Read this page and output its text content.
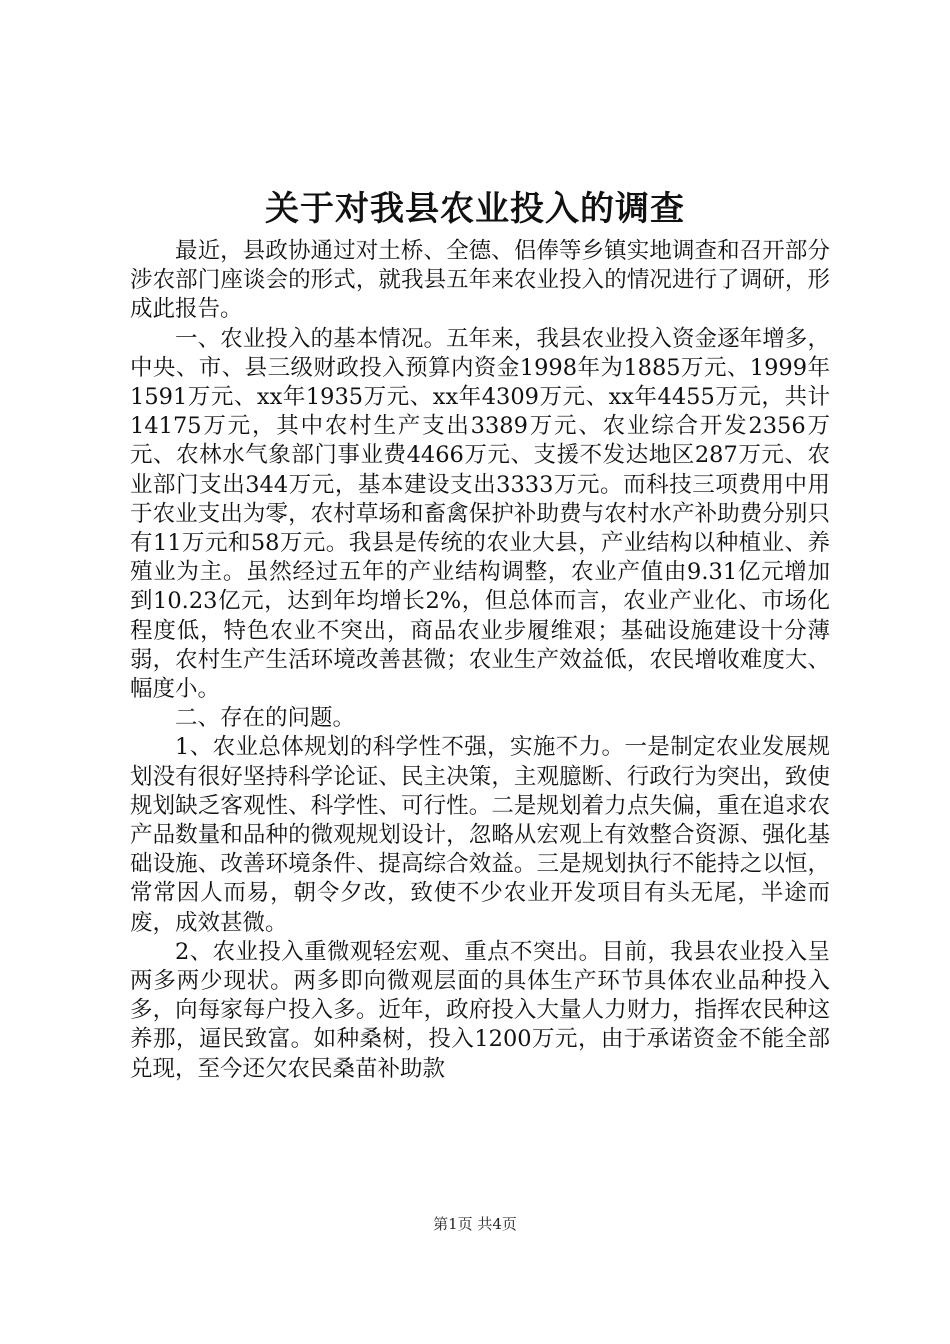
关于对我县农业投入的调查

最近，县政协通过对土桥、全德、侣俸等乡镇实地调查和召开部分涉农部门座谈会的形式，就我县五年来农业投入的情况进行了调研，形成此报告。

一、农业投入的基本情况。五年来，我县农业投入资金逐年增多，中央、市、县三级财政投入预算内资金1998年为1885万元、1999年1591万元、xx年1935万元、xx年4309万元、xx年4455万元，共计14175万元，其中农村生产支出3389万元、农业综合开发2356万元、农林水气象部门事业费4466万元、支援不发达地区287万元、农业部门支出344万元，基本建设支出3333万元。而科技三项费用中用于农业支出为零，农村草场和畜禽保护补助费与农村水产补助费分别只有11万元和58万元。我县是传统的农业大县，产业结构以种植业、养殖业为主。虽然经过五年的产业结构调整，农业产值由9.31亿元增加到10.23亿元，达到年均增长2%，但总体而言，农业产业化、市场化程度低，特色农业不突出，商品农业步履维艰；基础设施建设十分薄弱，农村生产生活环境改善甚微；农业生产效益低，农民增收难度大、幅度小。

二、存在的问题。

1、农业总体规划的科学性不强，实施不力。一是制定农业发展规划没有很好坚持科学论证、民主决策，主观臆断、行政行为突出，致使规划缺乏客观性、科学性、可行性。二是规划着力点失偏，重在追求农产品数量和品种的微观规划设计，忽略从宏观上有效整合资源、强化基础设施、改善环境条件、提高综合效益。三是规划执行不能持之以恒，常常因人而易，朝令夕改，致使不少农业开发项目有头无尾，半途而废，成效甚微。

2、农业投入重微观轻宏观、重点不突出。目前，我县农业投入呈两多两少现状。两多即向微观层面的具体生产环节具体农业品种投入多，向每家每户投入多。近年，政府投入大量人力财力，指挥农民种这养那，逼民致富。如种桑树，投入1200万元，由于承诺资金不能全部兑现，至今还欠农民桑苗补助款

第1页 共4页
